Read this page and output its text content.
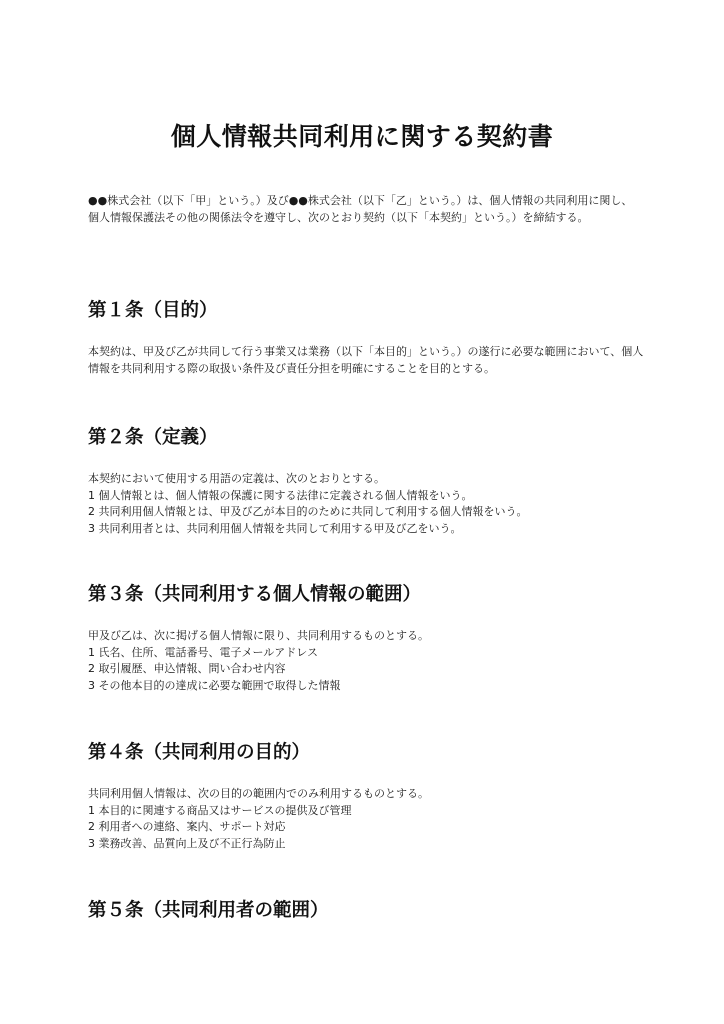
個人情報共同利用に関する契約書

●●株式会社（以下「甲」という。）及び●●株式会社（以下「乙」という。）は、個人情報の共同利用に関し、個人情報保護法その他の関係法令を遵守し、次のとおり契約（以下「本契約」という。）を締結する。

第１条（目的）

本契約は、甲及び乙が共同して行う事業又は業務（以下「本目的」という。）の遂行に必要な範囲において、個人情報を共同利用する際の取扱い条件及び責任分担を明確にすることを目的とする。

第２条（定義）

本契約において使用する用語の定義は、次のとおりとする。

1 個人情報とは、個人情報の保護に関する法律に定義される個人情報をいう。
2 共同利用個人情報とは、甲及び乙が本目的のために共同して利用する個人情報をいう。
3 共同利用者とは、共同利用個人情報を共同して利用する甲及び乙をいう。
第３条（共同利用する個人情報の範囲）

甲及び乙は、次に掲げる個人情報に限り、共同利用するものとする。

1 氏名、住所、電話番号、電子メールアドレス
2 取引履歴、申込情報、問い合わせ内容
3 その他本目的の達成に必要な範囲で取得した情報
第４条（共同利用の目的）

共同利用個人情報は、次の目的の範囲内でのみ利用するものとする。

1 本目的に関連する商品又はサービスの提供及び管理
2 利用者への連絡、案内、サポート対応
3 業務改善、品質向上及び不正行為防止
第５条（共同利用者の範囲）
